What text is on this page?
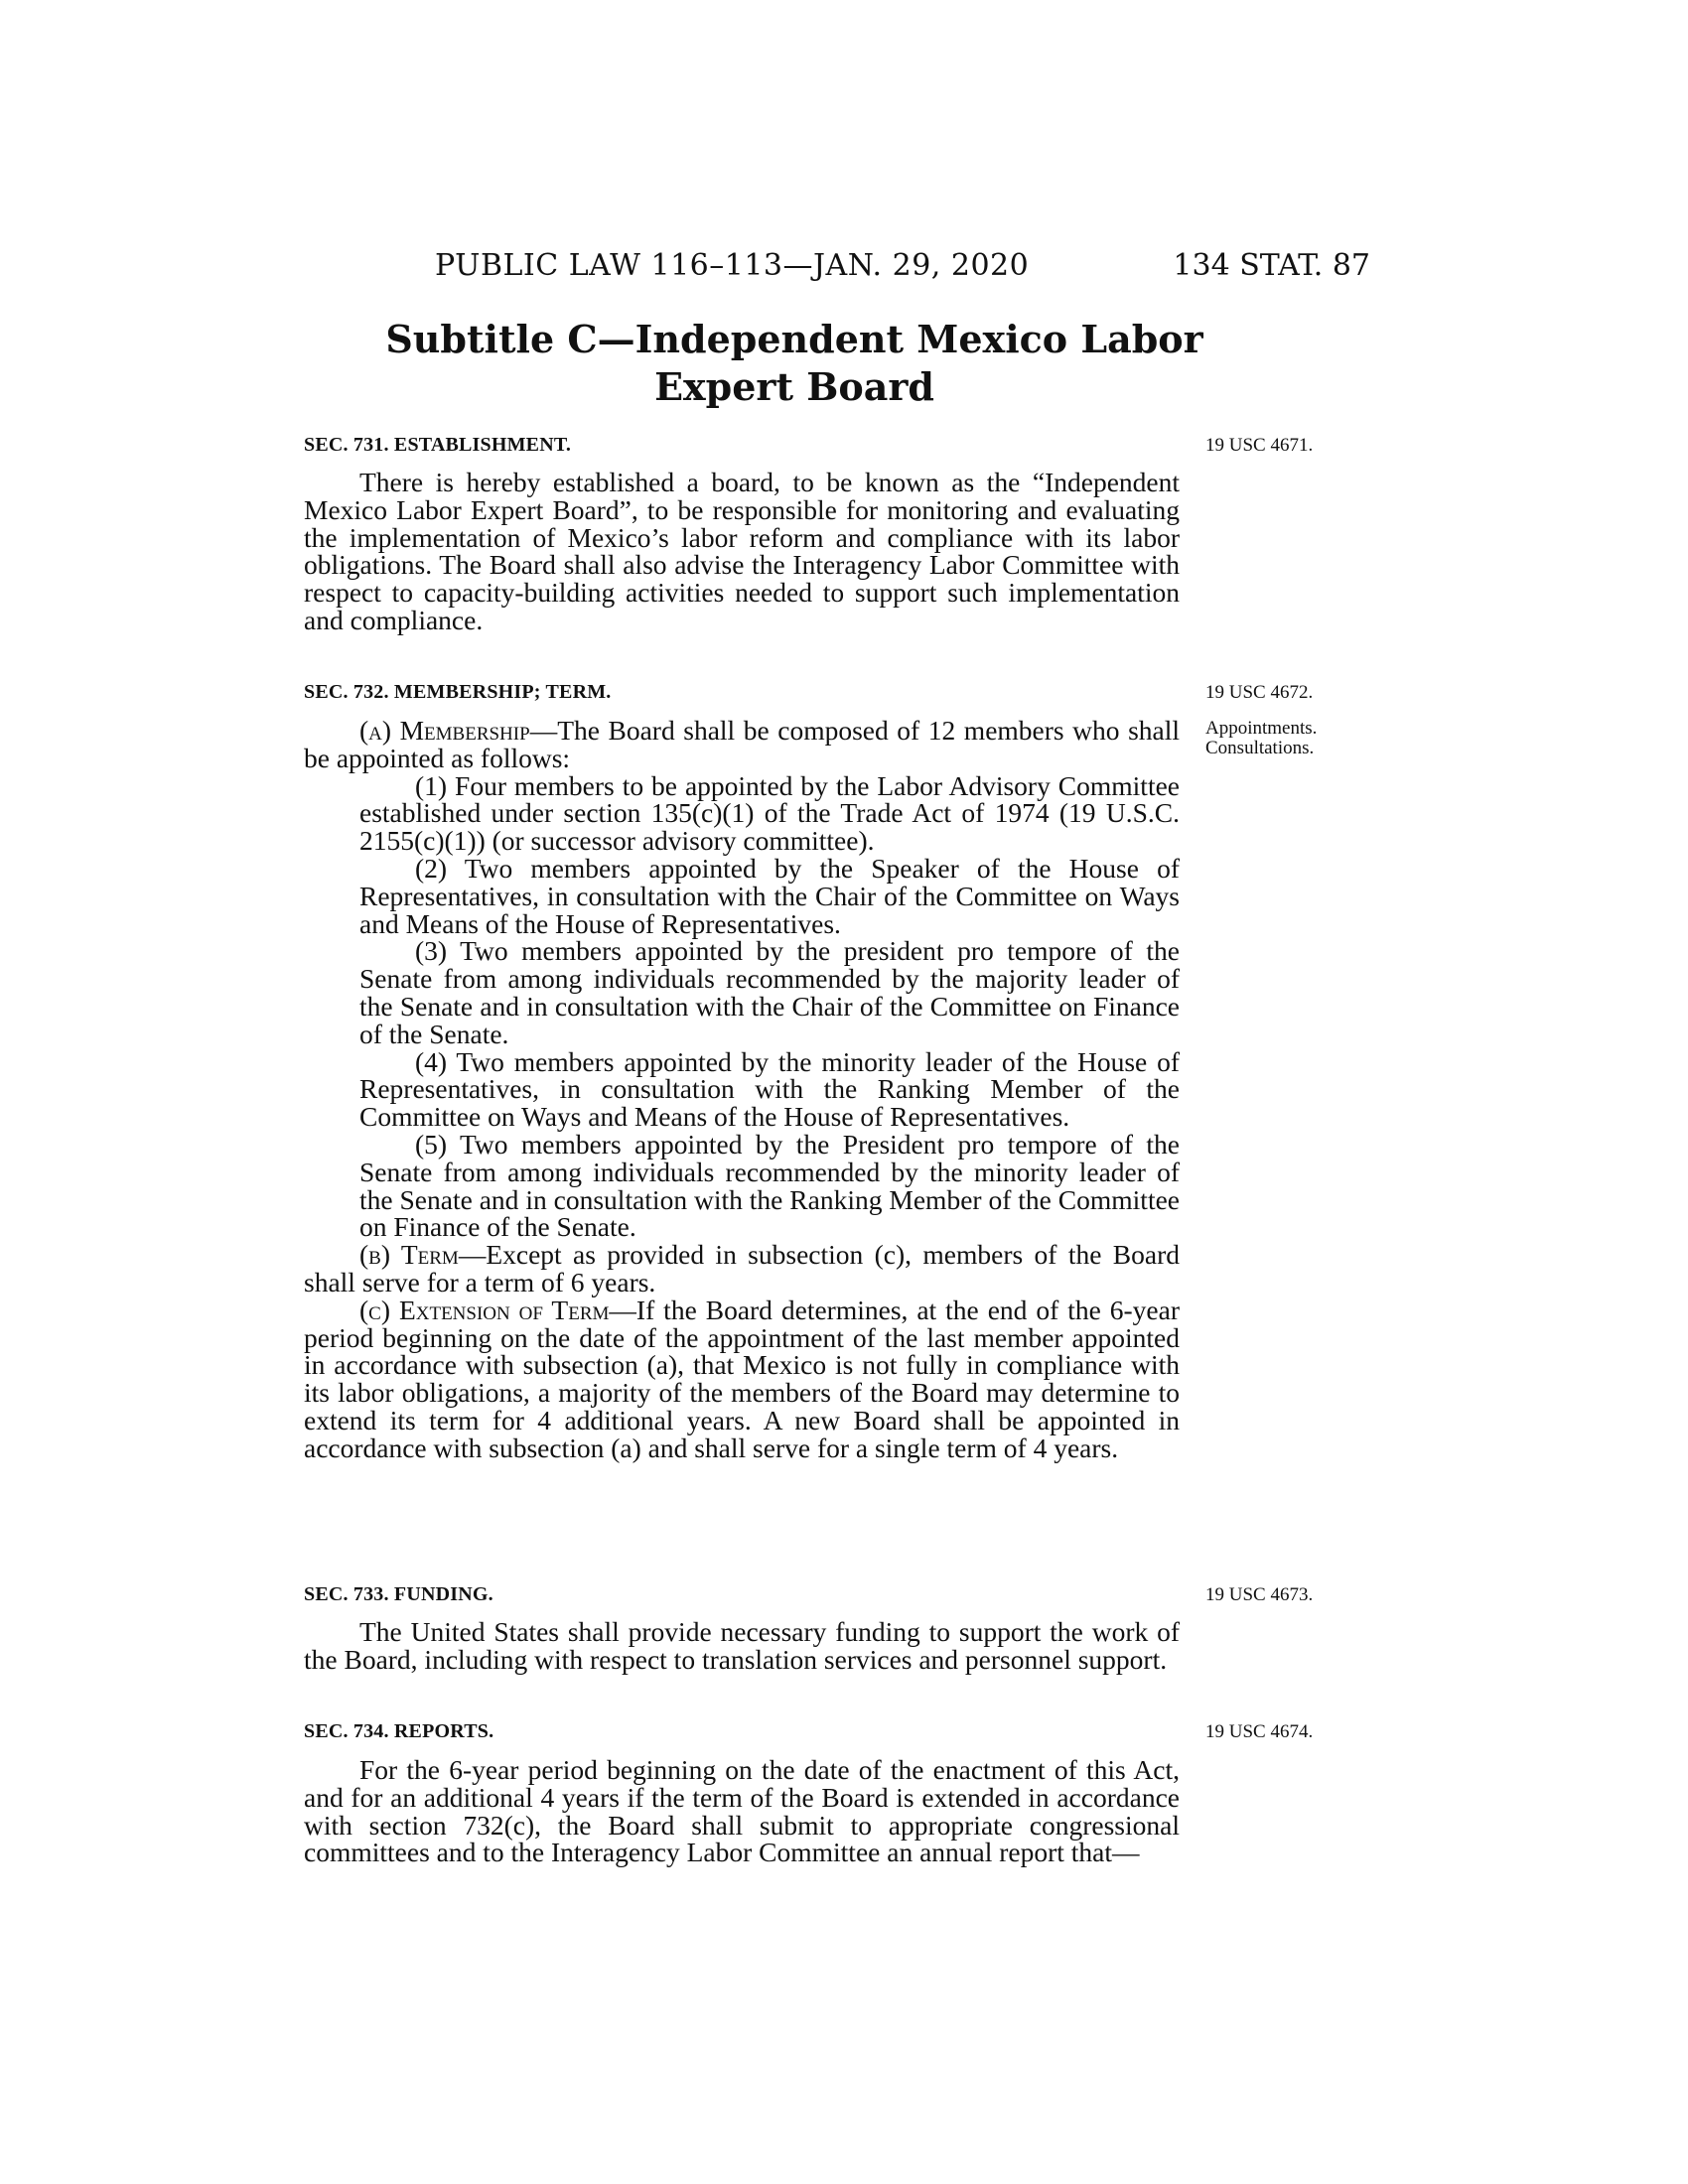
PUBLIC LAW 116–113—JAN. 29, 2020	134 STAT. 87
Subtitle C—Independent Mexico Labor
Expert Board
SEC. 731. ESTABLISHMENT.	19 USC 4671.

There is hereby established a board, to be known as the “Independent Mexico Labor Expert Board”, to be responsible for monitoring and evaluating the implementation of Mexico’s labor reform and compliance with its labor obligations. The Board shall also advise the Interagency Labor Committee with respect to capacity-building activities needed to support such implementation and compliance.

SEC. 732. MEMBERSHIP; TERM.	19 USC 4672.
Appointments.
Consultations.

(a) Membership—The Board shall be composed of 12 members who shall be appointed as follows:

(1) Four members to be appointed by the Labor Advisory Committee established under section 135(c)(1) of the Trade Act of 1974 (19 U.S.C. 2155(c)(1)) (or successor advisory committee).

(2) Two members appointed by the Speaker of the House of Representatives, in consultation with the Chair of the Committee on Ways and Means of the House of Representatives.

(3) Two members appointed by the president pro tempore of the Senate from among individuals recommended by the majority leader of the Senate and in consultation with the Chair of the Committee on Finance of the Senate.

(4) Two members appointed by the minority leader of the House of Representatives, in consultation with the Ranking Member of the Committee on Ways and Means of the House of Representatives.

(5) Two members appointed by the President pro tempore of the Senate from among individuals recommended by the minority leader of the Senate and in consultation with the Ranking Member of the Committee on Finance of the Senate.

(b) Term—Except as provided in subsection (c), members of the Board shall serve for a term of 6 years.

(c) Extension of Term—If the Board determines, at the end of the 6-year period beginning on the date of the appointment of the last member appointed in accordance with subsection (a), that Mexico is not fully in compliance with its labor obligations, a majority of the members of the Board may determine to extend its term for 4 additional years. A new Board shall be appointed in accordance with subsection (a) and shall serve for a single term of 4 years.

SEC. 733. FUNDING.	19 USC 4673.

The United States shall provide necessary funding to support the work of the Board, including with respect to translation services and personnel support.

SEC. 734. REPORTS.	19 USC 4674.

For the 6-year period beginning on the date of the enactment of this Act, and for an additional 4 years if the term of the Board is extended in accordance with section 732(c), the Board shall submit to appropriate congressional committees and to the Interagency Labor Committee an annual report that—
